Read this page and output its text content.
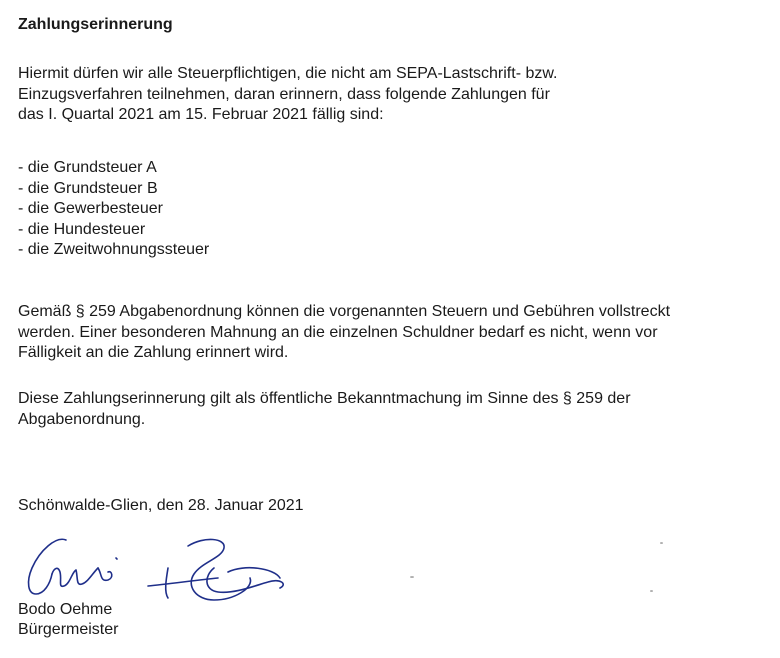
Zahlungserinnerung

Hiermit dürfen wir alle Steuerpflichtigen, die nicht am SEPA-Lastschrift- bzw.
Einzugsverfahren teilnehmen, daran erinnern, dass folgende Zahlungen für
das I. Quartal 2021 am 15. Februar 2021 fällig sind:

- die Grundsteuer A
- die Grundsteuer B
- die Gewerbesteuer
- die Hundesteuer
- die Zweitwohnungssteuer

Gemäß § 259 Abgabenordnung können die vorgenannten Steuern und Gebühren vollstreckt
werden. Einer besonderen Mahnung an die einzelnen Schuldner bedarf es nicht, wenn vor
Fälligkeit an die Zahlung erinnert wird.

Diese Zahlungserinnerung gilt als öffentliche Bekanntmachung im Sinne des § 259 der
Abgabenordnung.

Schönwalde-Glien, den 28. Januar 2021

Bodo Oehme

Bürgermeister
